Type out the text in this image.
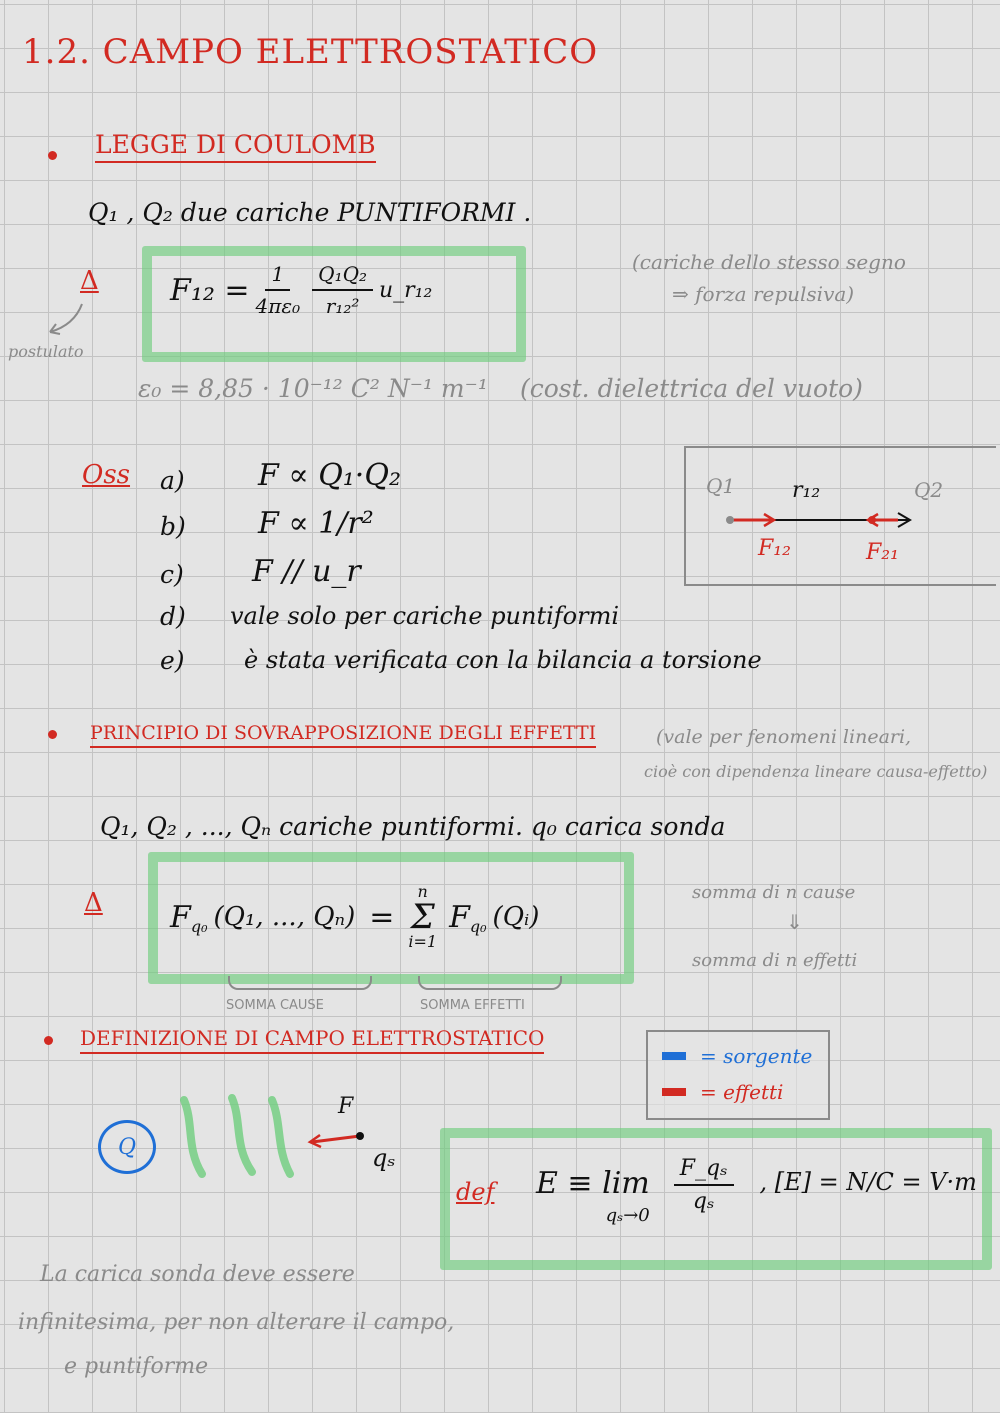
1.2. CAMPO ELETTROSTATICO
LEGGE DI COULOMB
Q₁ , Q₂ due cariche PUNTIFORMI .
Δ
postulato
$F_{12} = \frac{1}{\text{4πε₀}} \frac{\text{Q₁Q₂}}{\text{r₁₂²}}$ u_r₁₂
(cariche dello stesso segno
⇒ forza repulsiva)
ε₀ = 8,85 · 10⁻¹² C² N⁻¹ m⁻¹ (cost. dielettrica del vuoto)
Oss a) F ∝ Q₁·Q₂
b) F ∝ 1/r²
c) F // u_r
d) vale solo per cariche puntiformi
e) è stata verificata con la bilancia a torsione
Q1	Q2
r₁₂
F₁₂	F₂₁
PRINCIPIO DI SOVRAPPOSIZIONE DEGLI EFFETTI	(vale per fenomeni lineari,
cioè con dipendenza lineare causa-effetto)
Q₁, Q₂ , ..., Qₙ cariche puntiformi. q₀ carica sonda
Δ $F_{q_0}$ (Q₁, ..., Qₙ) =
n
Σ
i=1
$F_{q_0}$ (Qᵢ)
SOMMA CAUSE	SOMMA EFFETTI
somma di n cause
⇓
somma di n effetti
DEFINIZIONE DI CAMPO ELETTROSTATICO
= sorgente
= effetti
Q
F
qₛ
def E ≡ lim
qₛ→0
$\frac{\text{F\_qₛ}}{\text{qₛ}}$ , [E] = N/C = V·m
La carica sonda deve essere
infinitesima, per non alterare il campo,
e puntiforme
